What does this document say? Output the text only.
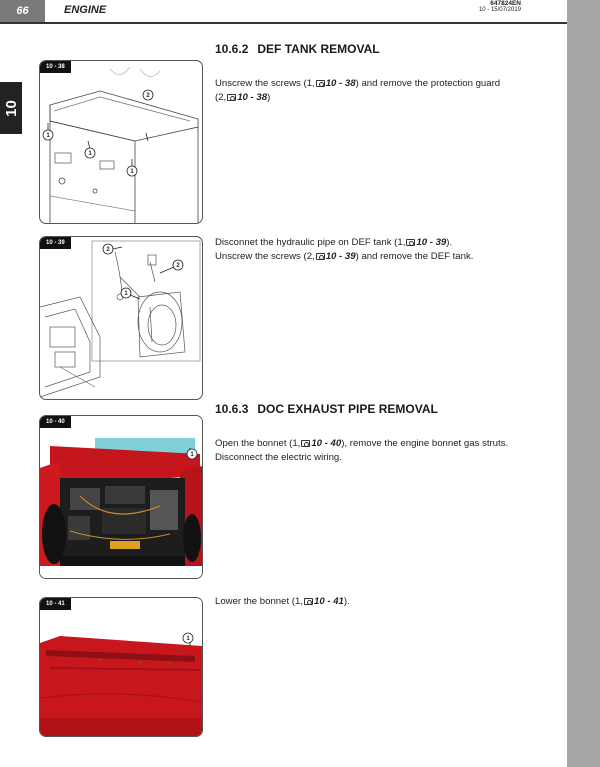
66	ENGINE
647824EN
10 - 15/07/2019
10
10.6.2 DEF TANK REMOVAL
Unscrew the screws (1, 10 - 38) and remove the protection guard
(2, 10 - 38)
10 - 38
1
1
1
2
Disconnet the hydraulic pipe on DEF tank (1, 10 - 39).
Unscrew the screws (2, 10 - 39) and remove the DEF tank.
10 - 39
2
1
2
10.6.3 DOC EXHAUST PIPE REMOVAL
Open the bonnet (1, 10 - 40), remove the engine bonnet gas struts.
Disconnect the electric wiring.
10 - 40
1
Lower the bonnet (1, 10 - 41).
10 - 41
1
